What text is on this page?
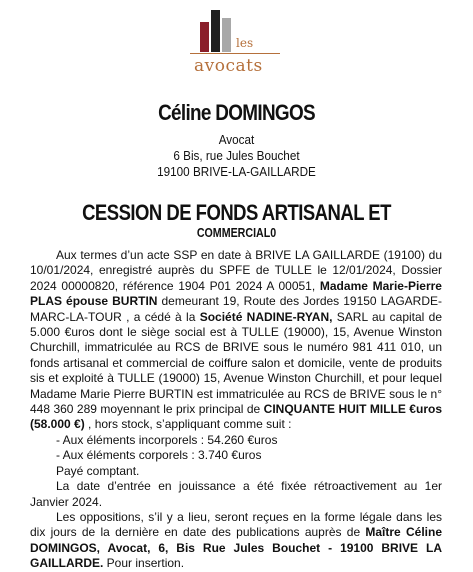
les
avocats
Céline DOMINGOS
Avocat
6 Bis, rue Jules Bouchet
19100 BRIVE-LA-GAILLARDE
CESSION DE FONDS ARTISANAL ET
COMMERCIAL0

Aux termes d’un acte SSP en date à BRIVE LA GAILLARDE (19100) du 10/01/2024, enregistré auprès du SPFE de TULLE le 12/01/2024, Dossier 2024 00000820, référence 1904 P01 2024 A 00051, Madame Marie-Pierre PLAS épouse BURTIN demeurant 19, Route des Jordes 19150 LAGARDE-MARC-LA-TOUR , a cédé à la Société NADINE-RYAN, SARL au capital de 5.000 €uros dont le siège social est à TULLE (19000), 15, Avenue Winston Churchill, immatriculée au RCS de BRIVE sous le numéro 981 411 010, un fonds artisanal et commercial de coiffure salon et domicile, vente de produits sis et exploité à TULLE (19000) 15, Avenue Winston Churchill, et pour lequel Madame Marie Pierre BURTIN est immatriculée au RCS de BRIVE sous le n° 448 360 289 moyennant le prix principal de CINQUANTE HUIT MILLE €uros (58.000 €) , hors stock, s’appliquant comme suit :

- Aux éléments incorporels : 54.260 €uros

- Aux éléments corporels : 3.740 €uros

Payé comptant.

La date d’entrée en jouissance a été fixée rétroactivement au 1er Janvier 2024.

Les oppositions, s’il y a lieu, seront reçues en la forme légale dans les dix jours de la dernière en date des publications auprès de Maître Céline DOMINGOS, Avocat, 6, Bis Rue Jules Bouchet - 19100 BRIVE LA GAILLARDE. Pour insertion.
